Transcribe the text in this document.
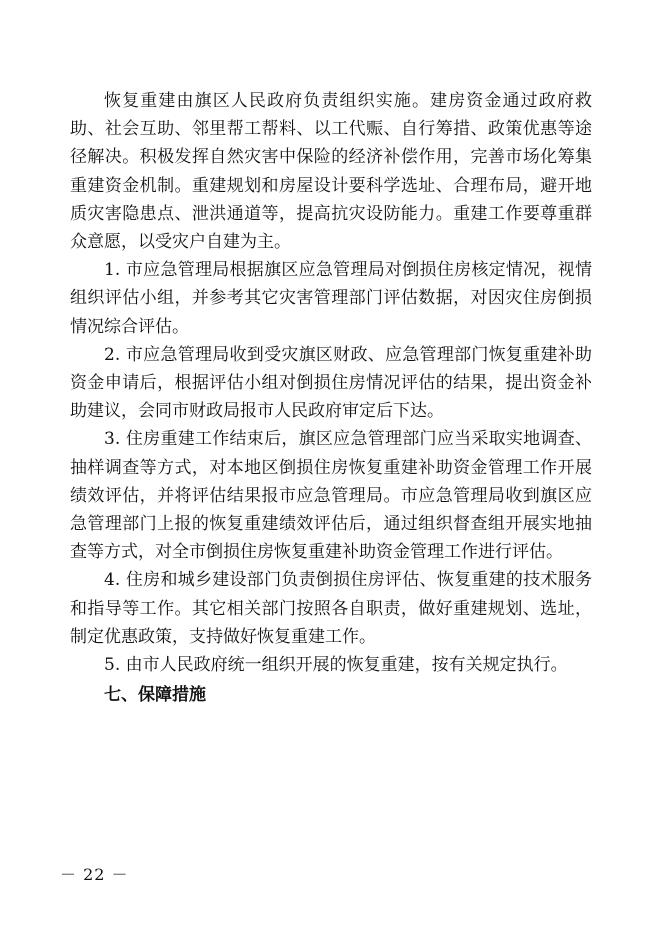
恢复重建由旗区人民政府负责组织实施。建房资金通过政府救助、社会互助、邻里帮工帮料、以工代赈、自行筹措、政策优惠等途径解决。积极发挥自然灾害中保险的经济补偿作用，完善市场化筹集重建资金机制。重建规划和房屋设计要科学选址、合理布局，避开地质灾害隐患点、泄洪通道等，提高抗灾设防能力。重建工作要尊重群众意愿，以受灾户自建为主。

1. 市应急管理局根据旗区应急管理局对倒损住房核定情况，视情组织评估小组，并参考其它灾害管理部门评估数据，对因灾住房倒损情况综合评估。

2. 市应急管理局收到受灾旗区财政、应急管理部门恢复重建补助资金申请后，根据评估小组对倒损住房情况评估的结果，提出资金补助建议，会同市财政局报市人民政府审定后下达。

3. 住房重建工作结束后，旗区应急管理部门应当采取实地调查、抽样调查等方式，对本地区倒损住房恢复重建补助资金管理工作开展绩效评估，并将评估结果报市应急管理局。市应急管理局收到旗区应急管理部门上报的恢复重建绩效评估后，通过组织督查组开展实地抽查等方式，对全市倒损住房恢复重建补助资金管理工作进行评估。

4. 住房和城乡建设部门负责倒损住房评估、恢复重建的技术服务和指导等工作。其它相关部门按照各自职责，做好重建规划、选址，制定优惠政策，支持做好恢复重建工作。

5. 由市人民政府统一组织开展的恢复重建，按有关规定执行。

七、保障措施

－ 22 －
